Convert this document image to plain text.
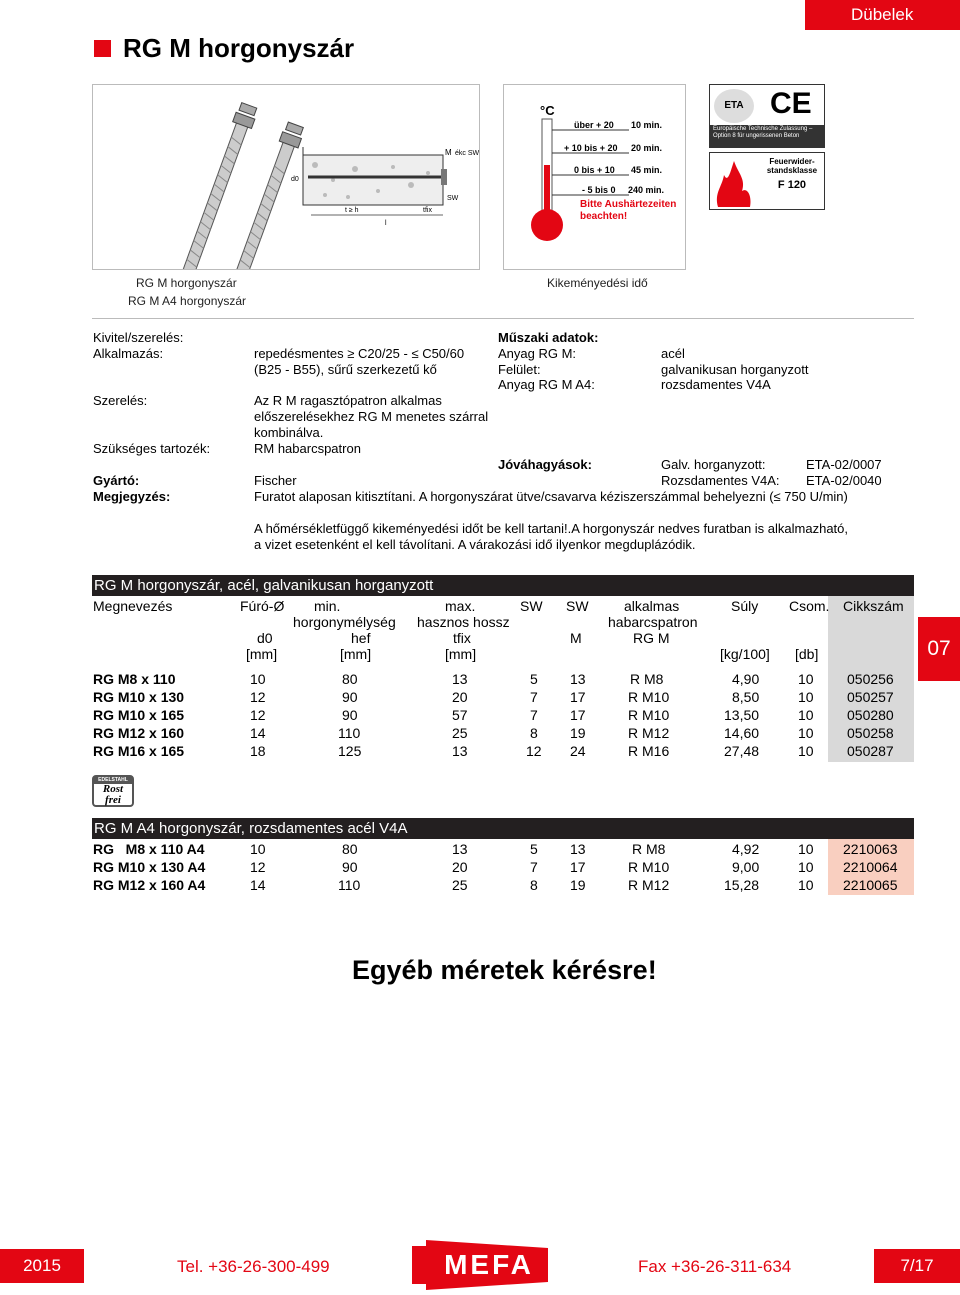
Dübelek
RG M horgonyszár
M ékc SW
SW
d0
t ≥ h	tfix
l
°C
über + 20 10 min.
+ 10 bis + 20 20 min.
0 bis + 10 45 min.
- 5 bis 0 240 min.
Bitte Aushärtezeiten beachten!
ETA CE
Europäische Technische Zulassung – Option 8 für ungerissenen Beton
Feuerwider-standsklasse
F 120
RG M horgonyszár
RG M A4 horgonyszár
Kikeményedési idő
Kivitel/szerelés:
Alkalmazás:	repedésmentes ≥ C20/25 - ≤ C50/60
(B25 - B55), sűrű szerkezetű kő
Szerelés:	Az R M ragasztópatron alkalmas
előszerelésekhez RG M menetes szárral
kombinálva.
Szükséges tartozék:	RM habarcspatron
Gyártó:	Fischer
Megjegyzés:	Furatot alaposan kitisztítani. A horgonyszárat ütve/csavarva kéziszerszámmal behelyezni (≤ 750 U/min)
A hőmérsékletfüggő kikeményedési időt be kell tartani!.A horgonyszár nedves furatban is alkalmazható,
a vizet esetenként el kell távolítani. A várakozási idő ilyenkor megduplázódik.
Műszaki adatok:
Anyag RG M:	acél
Felület:	galvanikusan horganyzott
Anyag RG M A4:	rozsdamentes V4A
Jóváhagyások:	Galv. horganyzott:	ETA-02/0007
Rozsdamentes V4A: ETA-02/0040
RG M horgonyszár, acél, galvanikusan horganyzott
Megnevezés	Fúró-Ø min.	max.	SW SW	alkalmas	Súly Csom. Cikkszám
horgonymélység hasznos hossz	habarcspatron
d0	hef	tfix	M	RG M
[mm]	[mm]	[mm]	[kg/100] [db]
RG M8 x 110	10	80	13	5 13	R M8	4,90	10 050256
RG M10 x 130	12	90	20	7 17	R M10	8,50	10 050257
RG M10 x 165	12	90	57	7 17	R M10	13,50	10 050280
RG M12 x 160	14	110	25	8 19	R M12	14,60	10 050258
RG M16 x 165	18	125	13	12 24	R M16	27,48	10 050287
07
EDELSTAHL
Rost frei
RG M A4 horgonyszár, rozsdamentes acél V4A
RG   M8 x 110 A4	10	80	13	5 13	R M8	4,92	10 2210063
RG M10 x 130 A4	12	90	20	7 17	R M10	9,00	10 2210064
RG M12 x 160 A4	14	110	25	8 19	R M12	15,28	10 2210065
Egyéb méretek kérésre!
2015	Tel. +36-26-300-499	MEFA	Fax +36-26-311-634	7/17
